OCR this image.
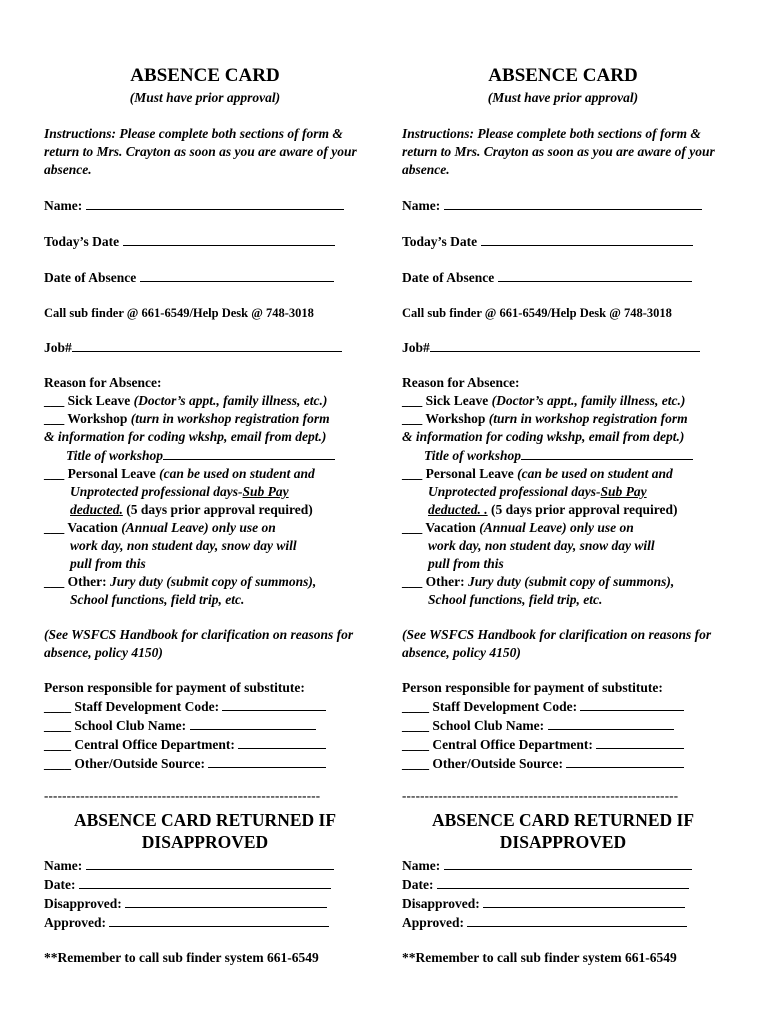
ABSENCE CARD
(Must have prior approval)
Instructions: Please complete both sections of form & return to Mrs. Crayton as soon as you are aware of your absence.
Name:
Today’s Date
Date of Absence
Call sub finder @ 661-6549/Help Desk @ 748-3018
Job#
Reason for Absence:
___ Sick Leave (Doctor’s appt., family illness, etc.)
___ Workshop (turn in workshop registration form
& information for coding wkshp, email from dept.)
Title of workshop
___ Personal Leave (can be used on student and
Unprotected professional days-Sub Pay
deducted. (5 days prior approval required)
___ Vacation (Annual Leave) only use on
work day, non student day, snow day will
pull from this
___ Other: Jury duty (submit copy of summons),
School functions, field trip, etc.
(See WSFCS Handbook for clarification on reasons for absence, policy 4150)
Person responsible for payment of substitute:
____ Staff Development Code:
____ School Club Name:
____ Central Office Department:
____ Other/Outside Source:
-------------------------------------------------------------
ABSENCE CARD RETURNED IF
DISAPPROVED
Name:
Date:
Disapproved:
Approved:
**Remember to call sub finder system 661-6549
ABSENCE CARD
(Must have prior approval)
Instructions: Please complete both sections of form & return to Mrs. Crayton as soon as you are aware of your absence.
Name:
Today’s Date
Date of Absence
Call sub finder @ 661-6549/Help Desk @ 748-3018
Job#
Reason for Absence:
___ Sick Leave (Doctor’s appt., family illness, etc.)
___ Workshop (turn in workshop registration form
& information for coding wkshp, email from dept.)
Title of workshop
___ Personal Leave (can be used on student and
Unprotected professional days-Sub Pay
deducted. . (5 days prior approval required)
___ Vacation (Annual Leave) only use on
work day, non student day, snow day will
pull from this
___ Other: Jury duty (submit copy of summons),
School functions, field trip, etc.
(See WSFCS Handbook for clarification on reasons for absence, policy 4150)
Person responsible for payment of substitute:
____ Staff Development Code:
____ School Club Name:
____ Central Office Department:
____ Other/Outside Source:
-------------------------------------------------------------
ABSENCE CARD RETURNED IF
DISAPPROVED
Name:
Date:
Disapproved:
Approved:
**Remember to call sub finder system 661-6549
